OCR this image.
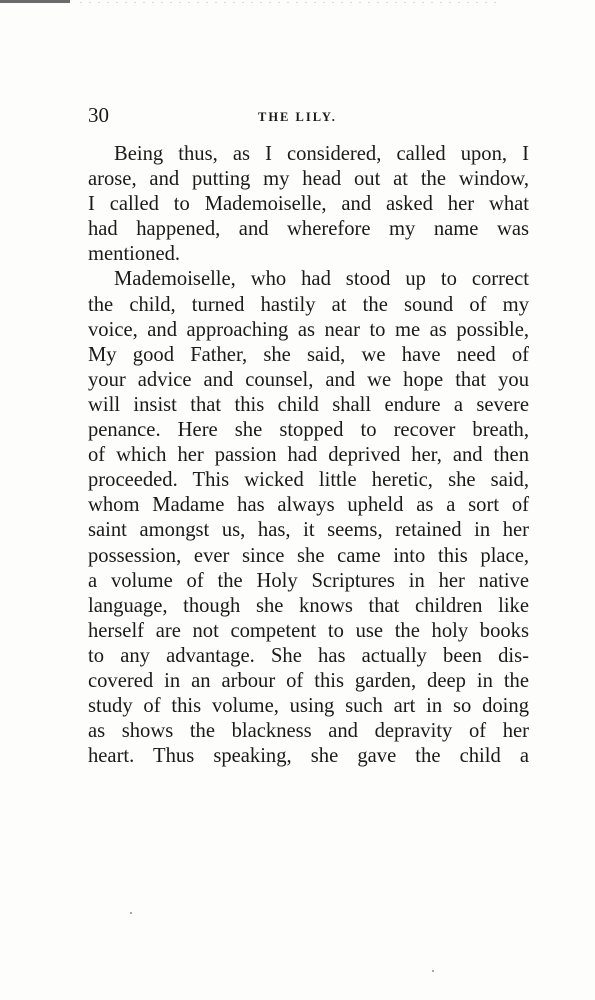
30	THE LILY.
Being thus, as I considered, called upon, I
arose, and putting my head out at the window,
I called to Mademoiselle, and asked her what
had happened, and wherefore my name was
mentioned.
Mademoiselle, who had stood up to correct
the child, turned hastily at the sound of my
voice, and approaching as near to me as possible,
My good Father, she said, we have need of
your advice and counsel, and we hope that you
will insist that this child shall endure a severe
penance. Here she stopped to recover breath,
of which her passion had deprived her, and then
proceeded. This wicked little heretic, she said,
whom Madame has always upheld as a sort of
saint amongst us, has, it seems, retained in her
possession, ever since she came into this place,
a volume of the Holy Scriptures in her native
language, though she knows that children like
herself are not competent to use the holy books
to any advantage. She has actually been dis-
covered in an arbour of this garden, deep in the
study of this volume, using such art in so doing
as shows the blackness and depravity of her
heart. Thus speaking, she gave the child a
